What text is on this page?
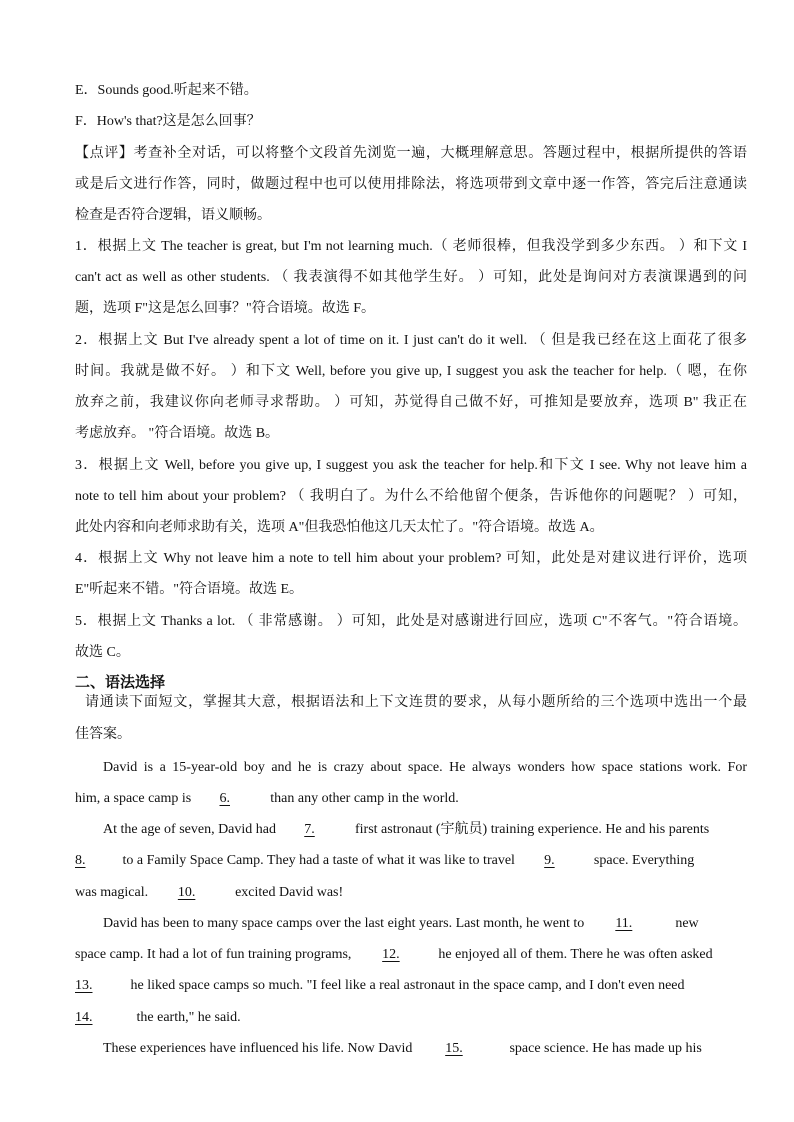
E．Sounds good.听起来不错。
F．How's that?这是怎么回事？
【点评】考查补全对话，可以将整个文段首先浏览一遍，大概理解意思。答题过程中，根据所提供的答语
或是后文进行作答，同时，做题过程中也可以使用排除法，将选项带到文章中逐一作答，答完后注意通读
检查是否符合逻辑，语义顺畅。
1．根据上文 The teacher is great, but I'm not learning much.（ 老师很棒，但我没学到多少东西。 ）和下文 I
can't act as well as other students. （ 我表演得不如其他学生好。 ）可知，此处是询问对方表演课遇到的问
题，选项 F"这是怎么回事？"符合语境。故选 F。
2．根据上文 But I've already spent a lot of time on it. I just can't do it well. （ 但是我已经在这上面花了很多
时间。我就是做不好。 ）和下文 Well, before you give up, I suggest you ask the teacher for help.（ 嗯，在你
放弃之前，我建议你向老师寻求帮助。 ）可知，苏觉得自己做不好，可推知是要放弃，选项 B" 我正在
考虑放弃。 "符合语境。故选 B。
3．根据上文 Well, before you give up, I suggest you ask the teacher for help.和下文 I see. Why not leave him a
note to tell him about your problem? （ 我明白了。为什么不给他留个便条，告诉他你的问题呢？ ）可知，
此处内容和向老师求助有关，选项 A"但我恐怕他这几天太忙了。"符合语境。故选 A。
4．根据上文 Why not leave him a note to tell him about your problem? 可知，此处是对建议进行评价，选项
E"听起来不错。"符合语境。故选 E。
5．根据上文 Thanks a lot. （ 非常感谢。 ）可知，此处是对感谢进行回应，选项 C"不客气。"符合语境。
故选 C。
二、语法选择
请通读下面短文，掌握其大意，根据语法和上下文连贯的要求，从每小题所给的三个选项中选出一个最
佳答案。
David is a 15-year-old boy and he is crazy about space. He always wonders how space stations work. For
him, a space camp is 6.	than any other camp in the world.
At the age of seven, David had 7.	first astronaut (宇航员) training experience. He and his parents
8. to a Family Space Camp. They had a taste of what it was like to travel 9.	space. Everything
was magical. 10.	excited David was!
David has been to many space camps over the last eight years. Last month, he went to 11.	new
space camp. It had a lot of fun training programs, 12.	he enjoyed all of them. There he was often asked
13. he liked space camps so much. "I feel like a real astronaut in the space camp, and I don't even need
14.	the earth," he said.
These experiences have influenced his life. Now David 15.	space science. He has made up his
